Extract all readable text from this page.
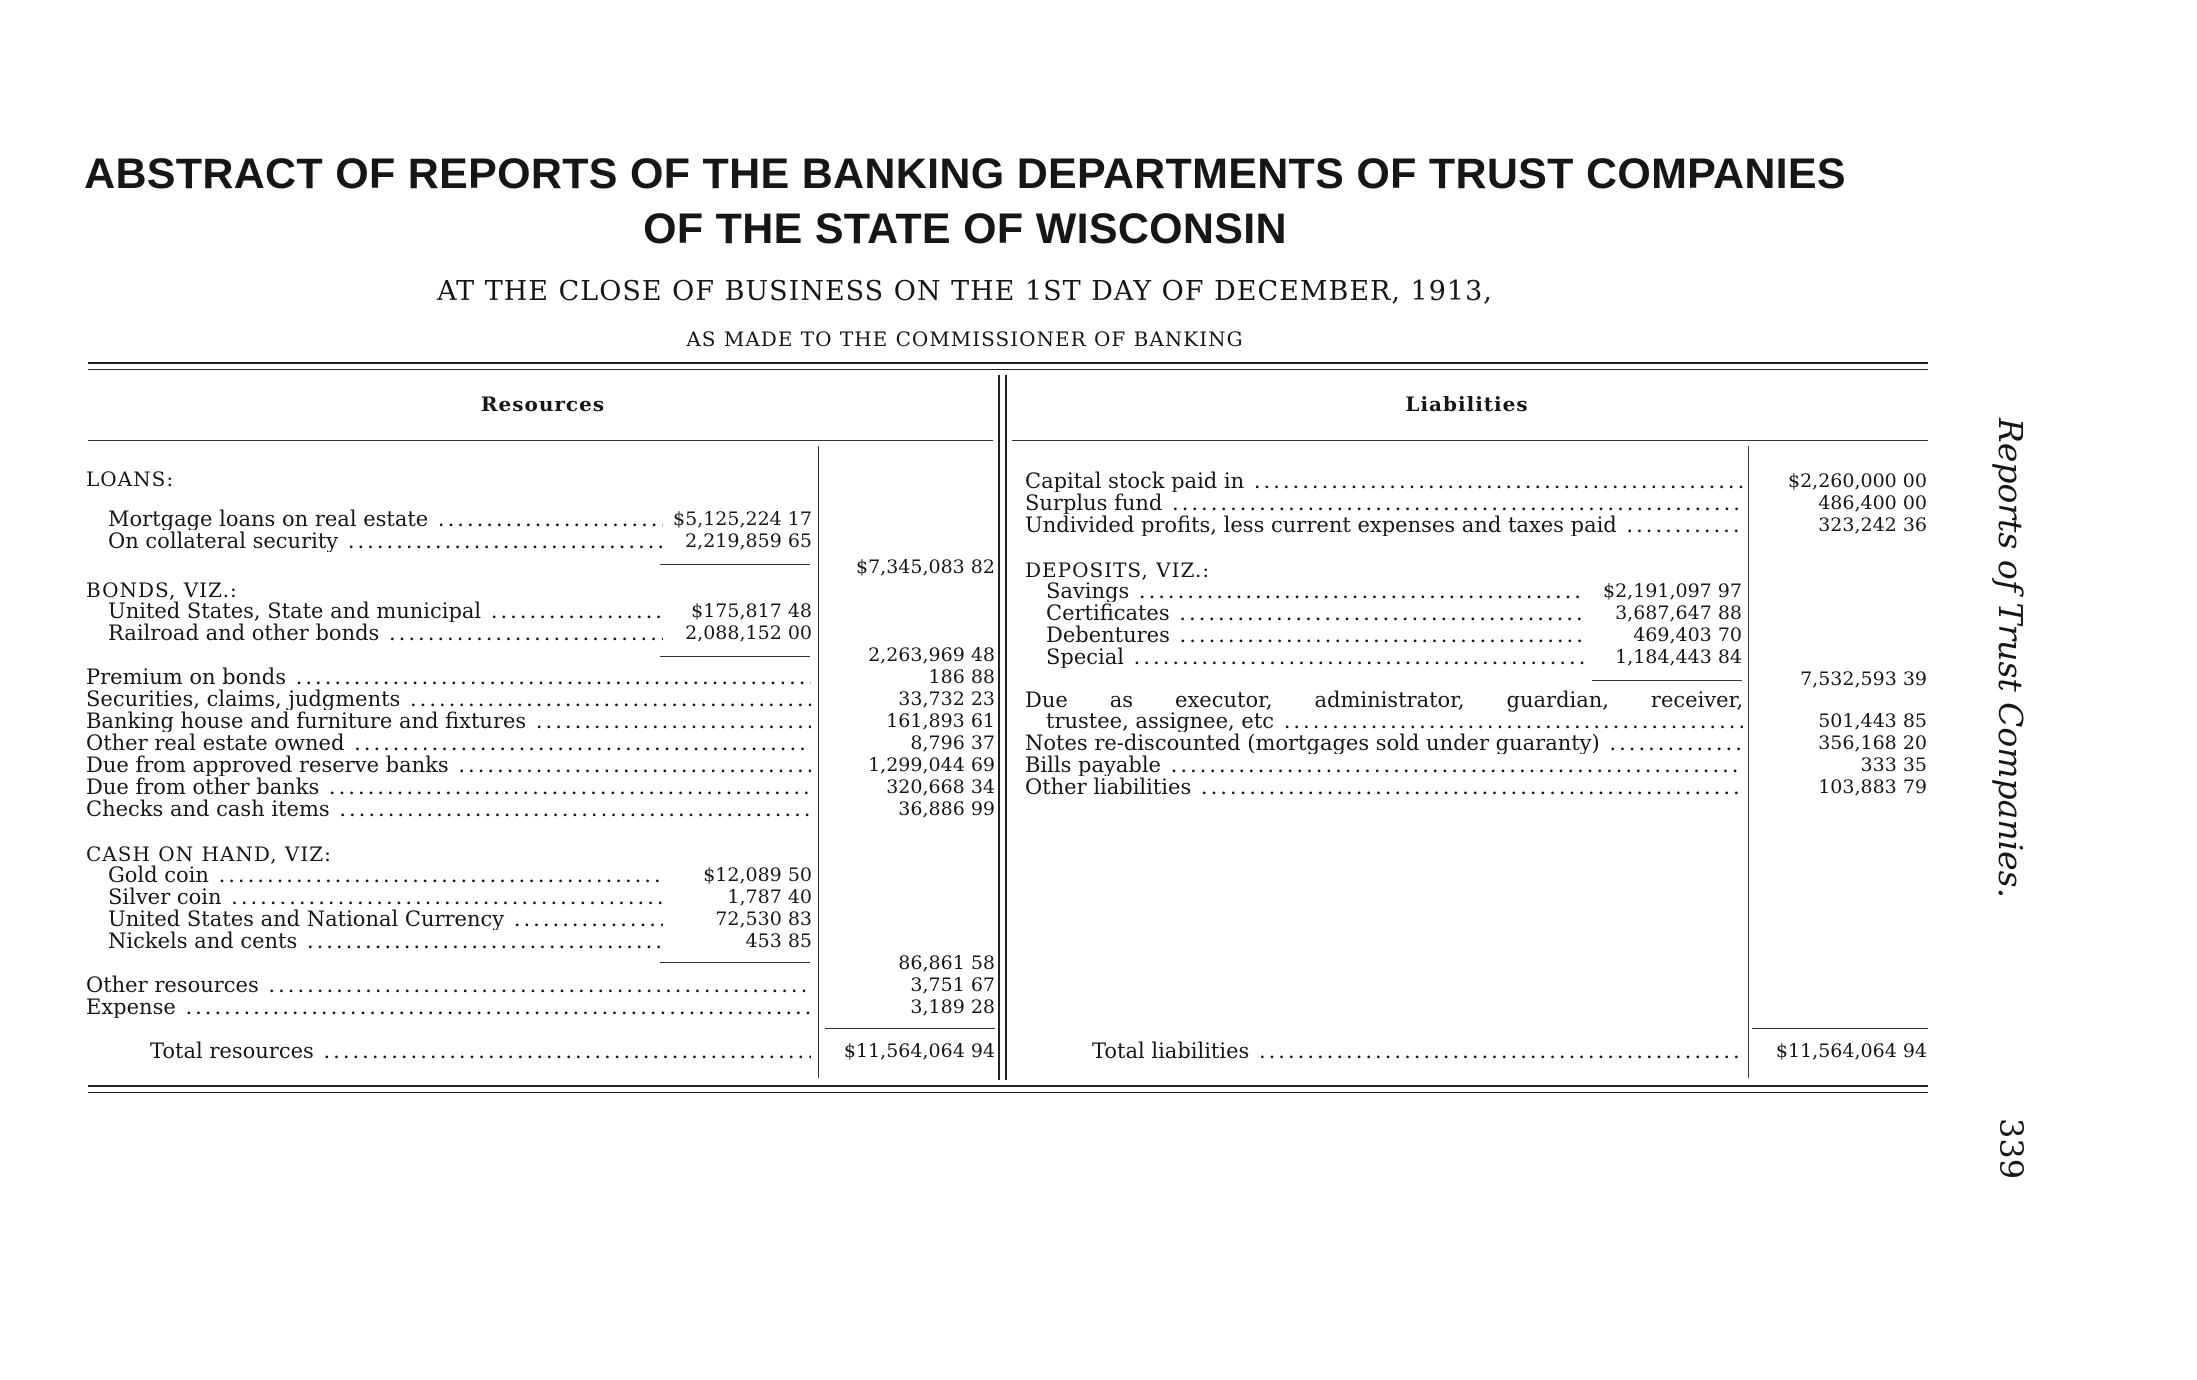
ABSTRACT OF REPORTS OF THE BANKING DEPARTMENTS OF TRUST COMPANIES
OF THE STATE OF WISCONSIN
AT THE CLOSE OF BUSINESS ON THE 1ST DAY OF DECEMBER, 1913,
AS MADE TO THE COMMISSIONER OF BANKING
Resources	Liabilities
LOANS:
Mortgage loans on real estate .....	$5,125,224 17
On collateral security .....	2,219,859 65
$7,345,083 82
BONDS, VIZ.:
United States, State and municipal .....	$175,817 48
Railroad and other bonds .....	2,088,152 00
2,263,969 48
Premium on bonds .....	186 88
Securities, claims, judgments .....	33,732 23
Banking house and furniture and fixtures .....	161,893 61
Other real estate owned .....	8,796 37
Due from approved reserve banks .....	1,299,044 69
Due from other banks .....	320,668 34
Checks and cash items .....	36,886 99
CASH ON HAND, VIZ:
Gold coin .....	$12,089 50
Silver coin .....	1,787 40
United States and National Currency .....	72,530 83
Nickels and cents .....	453 85
86,861 58
Other resources .....	3,751 67
Expense .....	3,189 28
Total resources .....	$11,564,064 94
Capital stock paid in .....	$2,260,000 00
Surplus fund .....	486,400 00
Undivided profits, less current expenses and taxes paid .....	323,242 36
DEPOSITS, VIZ.:
Savings .....	$2,191,097 97
Certificates .....	3,687,647 88
Debentures .....	469,403 70
Special .....	1,184,443 84
7,532,593 39
Due as executor, administrator, guardian, receiver,
trustee, assignee, etc .....	501,443 85
Notes re-discounted (mortgages sold under guaranty) .....	356,168 20
Bills payable .....	333 35
Other liabilities .....	103,883 79
Total liabilities .....	$11,564,064 94
Reports of Trust Companies.
339
